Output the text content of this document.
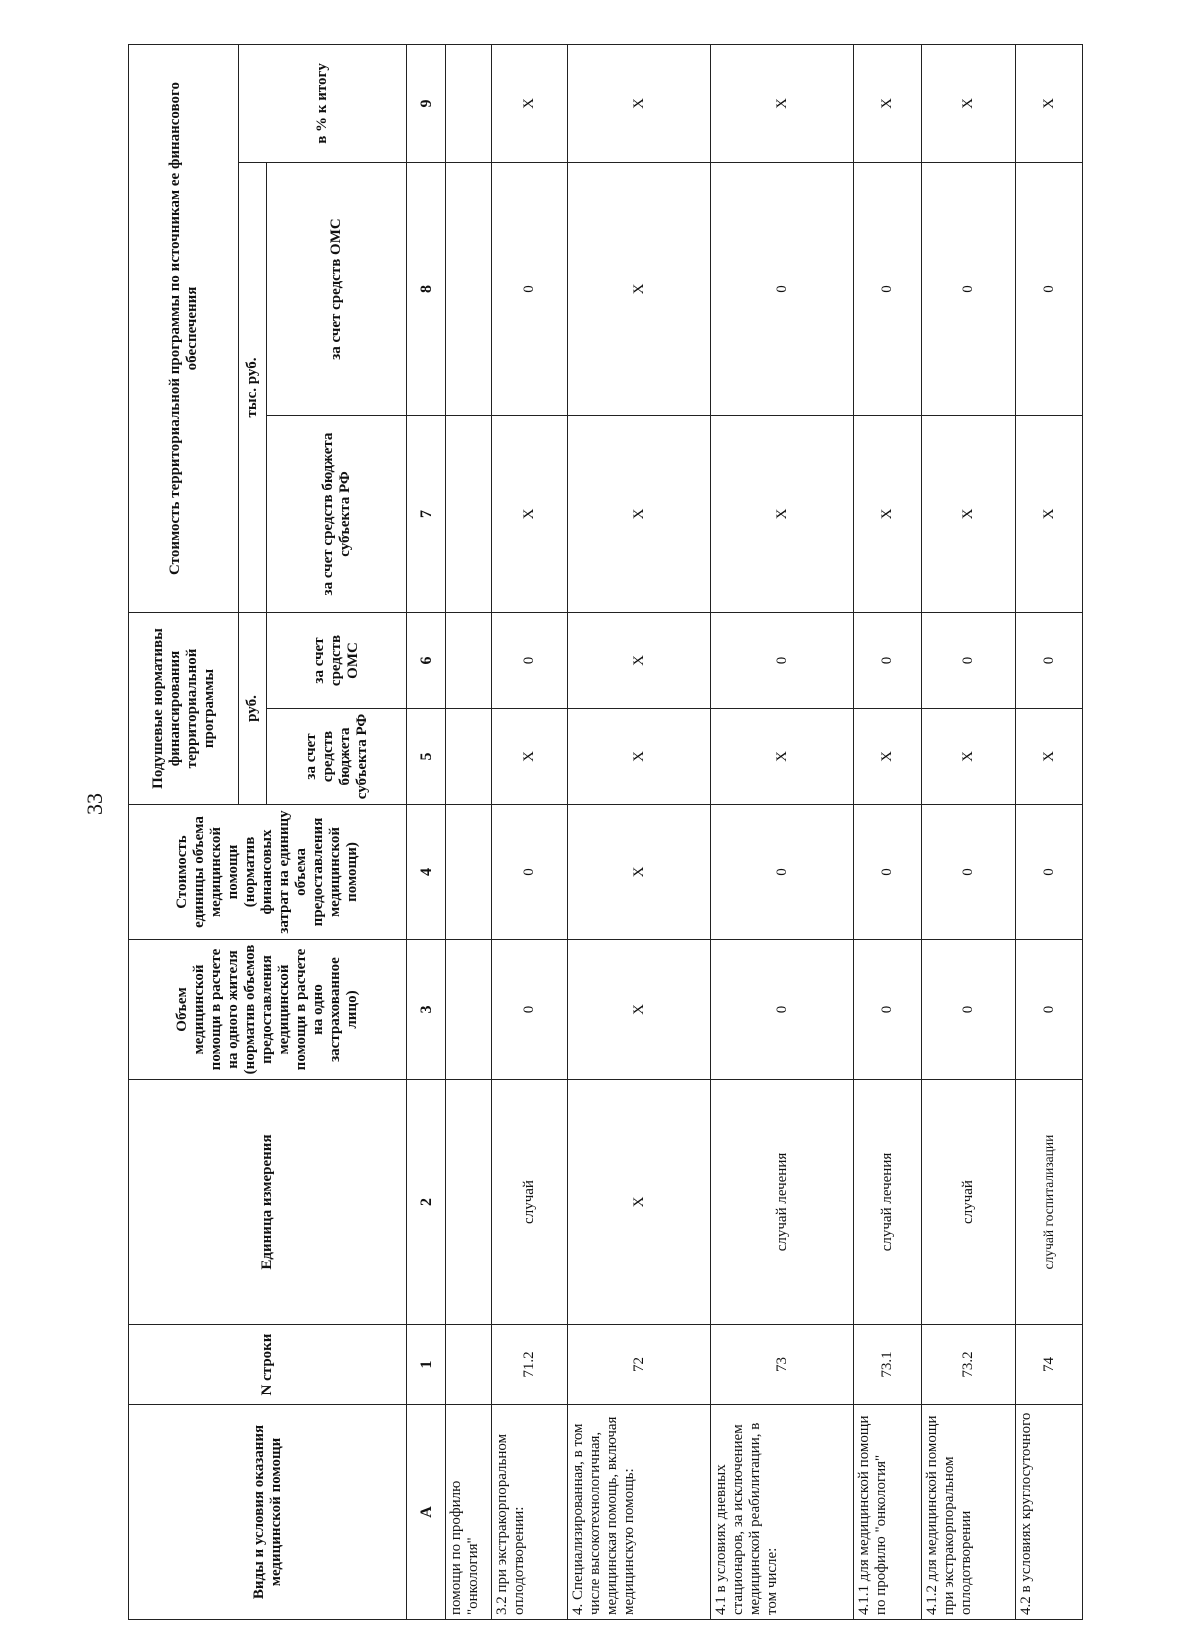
33
Виды и условия оказания медицинской помощи	N строки	Единица измерения	Объем медицинской помощи в расчете на одного жителя (норматив объемов предоставления медицинской помощи в расчете на одно застрахованное лицо)	Стоимость единицы объема медицинской помощи (норматив финансовых затрат на единицу объема предоставления медицинской помощи)	Подушевые нормативы финансирования территориальной программы		Стоимость территориальной программы по источникам ее финансового обеспечения		
					руб.		тыс. руб.		в % к итогу
					за счет средств бюджета субъекта РФ	за счет средств ОМС	за счет средств бюджета субъекта РФ	за счет средств ОМС	
А	1	2	3	4	5	6	7	8	9
помощи по профилю "онкология"									
3.2 при экстракорпоральном оплодотворении:	71.2	случай	0	0	X	0	X	0	X
4. Специализированная, в том числе высокотехнологичная, медицинская помощь, включая медицинскую помощь:	72	X	X	X	X	X	X	X	X
4.1 в условиях дневных стационаров, за исключением медицинской реабилитации, в том числе:	73	случай лечения	0	0	X	0	X	0	X
4.1.1 для медицинской помощи по профилю "онкология"	73.1	случай лечения	0	0	X	0	X	0	X
4.1.2 для медицинской помощи при экстракорпоральном оплодотворении	73.2	случай	0	0	X	0	X	0	X
4.2 в условиях круглосуточного	74	случай госпитализации	0	0	X	0	X	0	X
